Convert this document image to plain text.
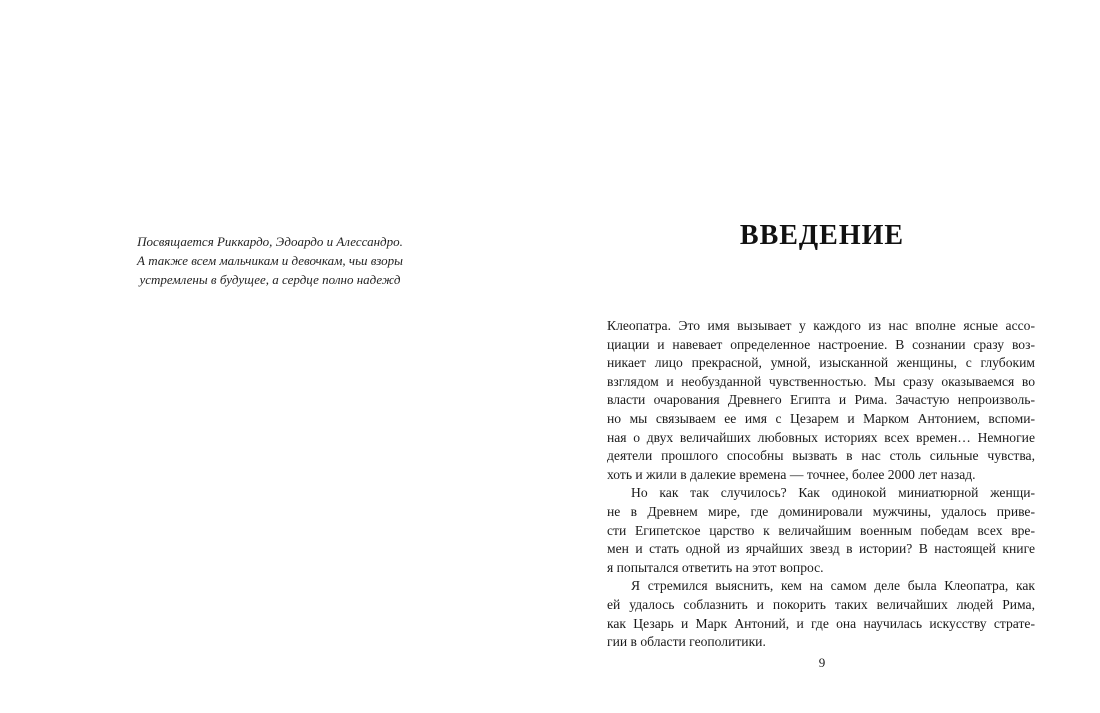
Посвящается Риккардо, Эдоардо и Алессандро.
А также всем мальчикам и девочкам, чьи взоры
устремлены в будущее, а сердце полно надежд
ВВЕДЕНИЕ
Клеопатра. Это имя вызывает у каждого из нас вполне ясные ассо-
циации и навевает определенное настроение. В сознании сразу воз-
никает лицо прекрасной, умной, изысканной женщины, с глубоким
взглядом и необузданной чувственностью. Мы сразу оказываемся во
власти очарования Древнего Египта и Рима. Зачастую непроизволь-
но мы связываем ее имя с Цезарем и Марком Антонием, вспоми-
ная о двух величайших любовных историях всех времен… Немногие
деятели прошлого способны вызвать в нас столь сильные чувства,
хоть и жили в далекие времена — точнее, более 2000 лет назад.
Но как так случилось? Как одинокой миниатюрной женщи-
не в Древнем мире, где доминировали мужчины, удалось приве-
сти Египетское царство к величайшим военным победам всех вре-
мен и стать одной из ярчайших звезд в истории? В настоящей книге
я попытался ответить на этот вопрос.
Я стремился выяснить, кем на самом деле была Клеопатра, как
ей удалось соблазнить и покорить таких величайших людей Рима,
как Цезарь и Марк Антоний, и где она научилась искусству страте-
гии в области геополитики.
9
